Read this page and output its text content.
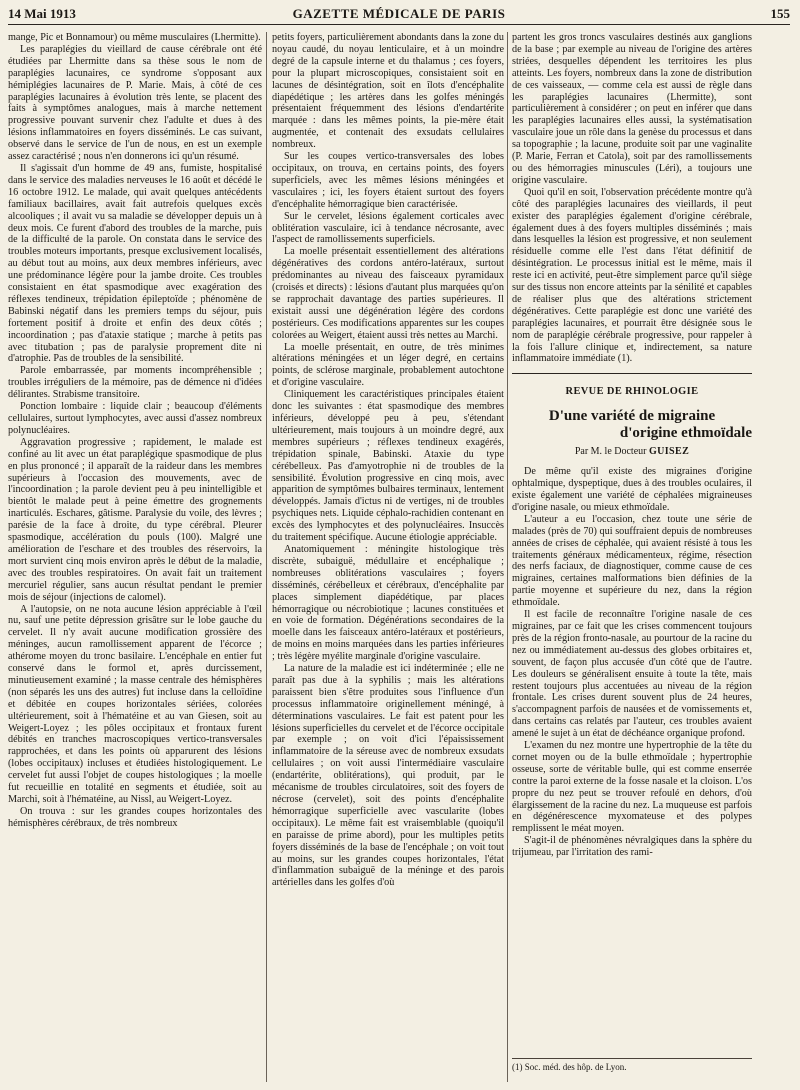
14 Mai 1913	GAZETTE MÉDICALE DE PARIS	155

mange, Pic et Bonnamour) ou même musculaires (Lhermitte).

Les paraplégies du vieillard de cause cérébrale ont été étudiées par Lhermitte dans sa thèse sous le nom de paraplégies lacunaires, ce syndrome s'opposant aux hémiplégies lacunaires de P. Marie. Mais, à côté de ces paraplégies lacunaires à évolution très lente, se placent des faits à symptômes analogues, mais à marche nettement progressive pouvant survenir chez l'adulte et dues à des lésions inflammatoires en foyers disséminés. Le cas suivant, observé dans le service de l'un de nous, en est un exemple assez caractérisé ; nous n'en donnerons ici qu'un résumé.

Il s'agissait d'un homme de 49 ans, fumiste, hospitalisé dans le service des maladies nerveuses le 16 août et décédé le 16 octobre 1912. Le malade, qui avait quelques antécédents familiaux bacillaires, avait fait autrefois quelques excès alcooliques ; il avait vu sa maladie se développer depuis un à deux mois. Ce furent d'abord des troubles de la marche, puis de la difficulté de la parole. On constata dans le service des troubles moteurs importants, presque exclusivement localisés, au début tout au moins, aux deux membres inférieurs, avec une prédominance légère pour la jambe droite. Ces troubles consistaient en état spasmodique avec exagération des réflexes tendineux, trépidation épileptoïde ; phénomène de Babinski négatif dans les premiers temps du séjour, puis fortement positif à droite et enfin des deux côtés ; incoordination ; pas d'ataxie statique ; marche à petits pas avec titubation ; pas de paralysie proprement dite ni d'atrophie. Pas de troubles de la sensibilité.

Parole embarrassée, par moments incompréhensible ; troubles irréguliers de la mémoire, pas de démence ni d'idées délirantes. Strabisme transitoire.

Ponction lombaire : liquide clair ; beaucoup d'éléments cellulaires, surtout lymphocytes, avec aussi d'assez nombreux polynucléaires.

Aggravation progressive ; rapidement, le malade est confiné au lit avec un état paraplégique spasmodique de plus en plus prononcé ; il apparaît de la raideur dans les membres supérieurs à l'occasion des mouvements, avec de l'incoordination ; la parole devient peu à peu inintelligible et bientôt le malade peut à peine émettre des grognements inarticulés. Eschares, gâtisme. Paralysie du voile, des lèvres ; parésie de la face à droite, du type cérébral. Pleurer spasmodique, accélération du pouls (100). Malgré une amélioration de l'eschare et des troubles des réservoirs, la mort survient cinq mois environ après le début de la maladie, avec des troubles respiratoires. On avait fait un traitement mercuriel régulier, sans aucun résultat pendant le premier mois de séjour (injections de calomel).

A l'autopsie, on ne nota aucune lésion appréciable à l'œil nu, sauf une petite dépression grisâtre sur le lobe gauche du cervelet. Il n'y avait aucune modification grossière des méninges, aucun ramollissement apparent de l'écorce ; athérome moyen du tronc basilaire. L'encéphale en entier fut conservé dans le formol et, après durcissement, minutieusement examiné ; la masse centrale des hémisphères (non séparés les uns des autres) fut incluse dans la celloïdine et débitée en coupes horizontales sériées, colorées ultérieurement, soit à l'hématéine et au van Giesen, soit au Weigert-Loyez ; les pôles occipitaux et frontaux furent débités en tranches macroscopiques vertico-transversales rapprochées, et dans les points où apparurent des lésions (lobes occipitaux) incluses et étudiées histologiquement. Le cervelet fut aussi l'objet de coupes histologiques ; la moelle fut recueillie en totalité en segments et étudiée, soit au Marchi, soit à l'hématéine, au Nissl, au Weigert-Loyez.

On trouva : sur les grandes coupes horizontales des hémisphères cérébraux, de très nombreux

petits foyers, particulièrement abondants dans la zone du noyau caudé, du noyau lenticulaire, et à un moindre degré de la capsule interne et du thalamus ; ces foyers, pour la plupart microscopiques, consistaient soit en lacunes de désintégration, soit en îlots d'encéphalite diapédétique ; les artères dans les golfes méningés présentaient fréquemment des lésions d'endartérite marquée : dans les mêmes points, la pie-mère était augmentée, et contenait des exsudats cellulaires nombreux.

Sur les coupes vertico-transversales des lobes occipitaux, on trouva, en certains points, des foyers superficiels, avec les mêmes lésions méningées et vasculaires ; ici, les foyers étaient surtout des foyers d'encéphalite hémorragique bien caractérisée.

Sur le cervelet, lésions également corticales avec oblitération vasculaire, ici à tendance nécrosante, avec l'aspect de ramollissements superficiels.

La moelle présentait essentiellement des altérations dégénératives des cordons antéro-latéraux, surtout prédominantes au niveau des faisceaux pyramidaux (croisés et directs) : lésions d'autant plus marquées qu'on se rapprochait davantage des parties supérieures. Il existait aussi une dégénération légère des cordons postérieurs. Ces modifications apparentes sur les coupes colorées au Weigert, étaient aussi très nettes au Marchi.

La moelle présentait, en outre, de très minimes altérations méningées et un léger degré, en certains points, de sclérose marginale, probablement autochtone et d'origine vasculaire.

Cliniquement les caractéristiques principales étaient donc les suivantes : état spasmodique des membres inférieurs, développé peu à peu, s'étendant ultérieurement, mais toujours à un moindre degré, aux membres supérieurs ; réflexes tendineux exagérés, trépidation spinale, Babinski. Ataxie du type cérébelleux. Pas d'amyotrophie ni de troubles de la sensibilité. Évolution progressive en cinq mois, avec apparition de symptômes bulbaires terminaux, lentement développés. Jamais d'ictus ni de vertiges, ni de troubles psychiques nets. Liquide céphalo-rachidien contenant en excès des lymphocytes et des polynucléaires. Insuccès du traitement spécifique. Aucune étiologie appréciable.

Anatomiquement : méningite histologique très discrète, subaiguë, médullaire et encéphalique ; nombreuses oblitérations vasculaires ; foyers disséminés, cérébelleux et cérébraux, d'encéphalite par places simplement diapédétique, par places hémorragique ou nécrobiotique ; lacunes constituées et en voie de formation. Dégénérations secondaires de la moelle dans les faisceaux antéro-latéraux et postérieurs, de moins en moins marquées dans les parties inférieures ; très légère myélite marginale d'origine vasculaire.

La nature de la maladie est ici indéterminée ; elle ne paraît pas due à la syphilis ; mais les altérations paraissent bien s'être produites sous l'influence d'un processus inflammatoire originellement méningé, à déterminations vasculaires. Le fait est patent pour les lésions superficielles du cervelet et de l'écorce occipitale par exemple ; on voit d'ici l'épaississement inflammatoire de la séreuse avec de nombreux exsudats cellulaires ; on voit aussi l'intermédiaire vasculaire (endartérite, oblitérations), qui produit, par le mécanisme de troubles circulatoires, soit des foyers de nécrose (cervelet), soit des points d'encéphalite hémorragique superficielle avec vascularite (lobes occipitaux). Le même fait est vraisemblable (quoiqu'il en paraisse de prime abord), pour les multiples petits foyers disséminés de la base de l'encéphale ; on voit tout au moins, sur les grandes coupes horizontales, l'état d'inflammation subaiguë de la méninge et des parois artérielles dans les golfes d'où

partent les gros troncs vasculaires destinés aux ganglions de la base ; par exemple au niveau de l'origine des artères striées, desquelles dépendent les territoires les plus atteints. Les foyers, nombreux dans la zone de distribution de ces vaisseaux, — comme cela est aussi de règle dans les paraplégies lacunaires (Lhermitte), sont particulièrement à considérer ; on peut en inférer que dans les paraplégies lacunaires elles aussi, la systématisation vasculaire joue un rôle dans la genèse du processus et dans sa topographie ; la lacune, produite soit par une vaginalite (P. Marie, Ferran et Catola), soit par des ramollissements ou des hémorragies minuscules (Léri), a toujours une origine vasculaire.

Quoi qu'il en soit, l'observation précédente montre qu'à côté des paraplégies lacunaires des vieillards, il peut exister des paraplégies également d'origine cérébrale, également dues à des foyers multiples disséminés ; mais dans lesquelles la lésion est progressive, et non seulement résiduelle comme elle l'est dans l'état définitif de désintégration. Le processus initial est le même, mais il reste ici en activité, peut-être simplement parce qu'il siège sur des tissus non encore atteints par la sénilité et capables de réaliser plus que des altérations strictement dégénératives. Cette paraplégie est donc une variété des paraplégies lacunaires, et pourrait être désignée sous le nom de paraplégie cérébrale progressive, pour rappeler à la fois l'allure clinique et, indirectement, sa nature inflammatoire immédiate (1).

REVUE DE RHINOLOGIE
D'une variété de migraine
d'origine ethmoïdale
Par M. le Docteur GUISEZ

De même qu'il existe des migraines d'origine ophtalmique, dyspeptique, dues à des troubles oculaires, il existe également une variété de céphalées migraineuses d'origine nasale, ou mieux ethmoïdale.

L'auteur a eu l'occasion, chez toute une série de malades (près de 70) qui souffraient depuis de nombreuses années de crises de céphalée, qui avaient résisté à tous les traitements généraux médicamenteux, régime, résection des nerfs faciaux, de diagnostiquer, comme cause de ces migraines, certaines malformations bien définies de la partie moyenne et supérieure du nez, dans la région ethmoïdale.

Il est facile de reconnaître l'origine nasale de ces migraines, par ce fait que les crises commencent toujours près de la région fronto-nasale, au pourtour de la racine du nez ou immédiatement au-dessus des globes orbitaires et, souvent, de façon plus accusée d'un côté que de l'autre. Les douleurs se généralisent ensuite à toute la tête, mais restent toujours plus accentuées au niveau de la région frontale. Les crises durent souvent plus de 24 heures, s'accompagnent parfois de nausées et de vomissements et, dans certains cas relatés par l'auteur, ces troubles avaient amené le sujet à un état de déchéance organique profond.

L'examen du nez montre une hypertrophie de la tête du cornet moyen ou de la bulle ethmoïdale ; hypertrophie osseuse, sorte de véritable bulle, qui est comme enserrée contre la paroi externe de la fosse nasale et la cloison. L'os propre du nez peut se trouver refoulé en dehors, d'où élargissement de la racine du nez. La muqueuse est parfois en dégénérescence myxomateuse et des polypes remplissent le méat moyen.

S'agit-il de phénomènes névralgiques dans la sphère du trijumeau, par l'irritation des rami-

(1) Soc. méd. des hôp. de Lyon.
